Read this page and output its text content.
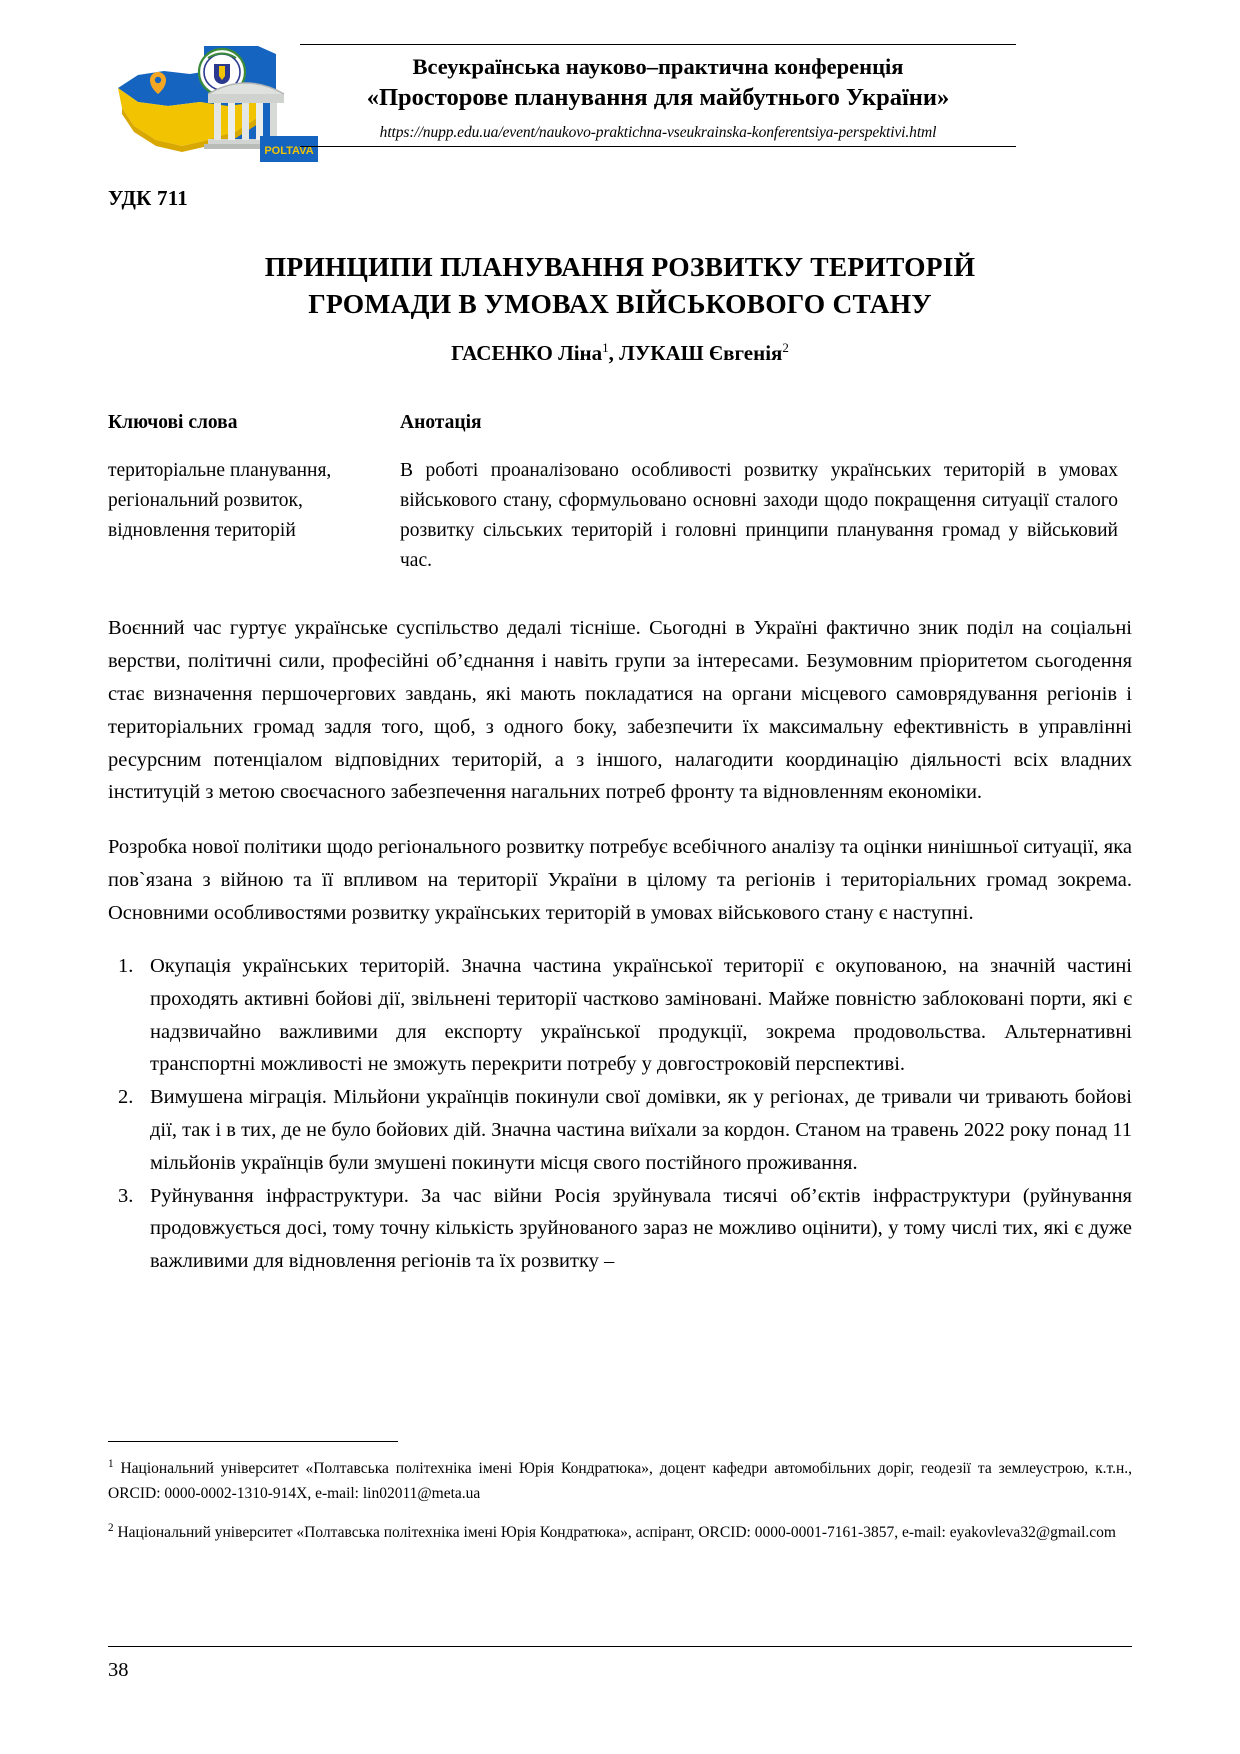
POLTAVA
Всеукраїнська науково–практична конференція
«Просторове планування для майбутнього України»
https://nupp.edu.ua/event/naukovo-praktichna-vseukrainska-konferentsiya-perspektivi.html
УДК 711
ПРИНЦИПИ ПЛАНУВАННЯ РОЗВИТКУ ТЕРИТОРІЙ
ГРОМАДИ В УМОВАХ ВІЙСЬКОВОГО СТАНУ
ГАСЕНКО Ліна$^1$, ЛУКАШ Євгенія$^2$
Ключові слова
територіальне планування, регіональний розвиток, відновлення територій
Анотація
В роботі проаналізовано особливості розвитку українських територій в умовах військового стану, сформульовано основні заходи щодо покращення ситуації сталого розвитку сільських територій і головні принципи планування громад у військовий час.

Воєнний час гуртує українське суспільство дедалі тісніше. Сьогодні в Україні фактично зник поділ на соціальні верстви, політичні сили, професійні об’єднання і навіть групи за інтересами. Безумовним пріоритетом сьогодення стає визначення першочергових завдань, які мають покладатися на органи місцевого самоврядування регіонів і територіальних громад задля того, щоб, з одного боку, забезпечити їх максимальну ефективність в управлінні ресурсним потенціалом відповідних територій, а з іншого, налагодити координацію діяльності всіх владних інституцій з метою своєчасного забезпечення нагальних потреб фронту та відновленням економіки.

Розробка нової політики щодо регіонального розвитку потребує всебічного аналізу та оцінки нинішньої ситуації, яка пов`язана з війною та її впливом на території України в цілому та регіонів і територіальних громад зокрема. Основними особливостями розвитку українських територій в умовах військового стану є наступні.

Окупація українських територій. Значна частина української території є окупованою, на значній частині проходять активні бойові дії, звільнені території частково заміновані. Майже повністю заблоковані порти, які є надзвичайно важливими для експорту української продукції, зокрема продовольства. Альтернативні транспортні можливості не зможуть перекрити потребу у довгостроковій перспективі.
Вимушена міграція. Мільйони українців покинули свої домівки, як у регіонах, де тривали чи тривають бойові дії, так і в тих, де не було бойових дій. Значна частина виїхали за кордон. Станом на травень 2022 року понад 11 мільйонів українців були змушені покинути місця свого постійного проживання.
Руйнування інфраструктури. За час війни Росія зруйнувала тисячі об’єктів інфраструктури (руйнування продовжується досі, тому точну кількість зруйнованого зараз не можливо оцінити), у тому числі тих, які є дуже важливими для відновлення регіонів та їх розвитку –
$^1$ Національний університет «Полтавська політехніка імені Юрія Кондратюка», доцент кафедри автомобільних доріг, геодезії та землеустрою, к.т.н., ORCID: 0000-0002-1310-914X, e-mail: lin02011@meta.ua
$^2$ Національний університет «Полтавська політехніка імені Юрія Кондратюка», аспірант, ORCID: 0000-0001-7161-3857, e-mail: eyakovleva32@gmail.com
38
